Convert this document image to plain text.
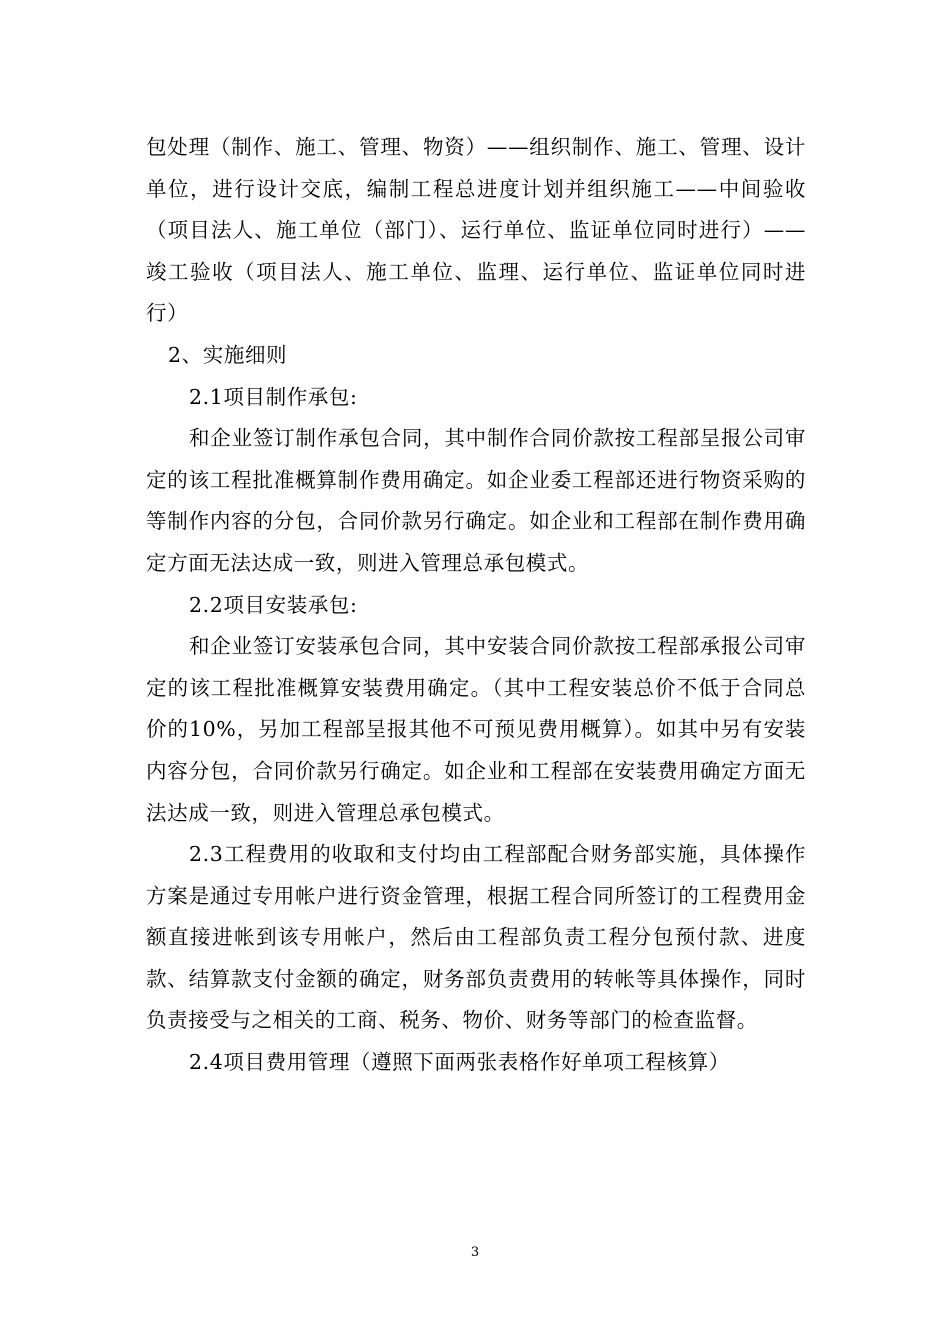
包处理（制作、施工、管理、物资）——组织制作、施工、管理、设计单位，进行设计交底，编制工程总进度计划并组织施工——中间验收（项目法人、施工单位（部门）、运行单位、监证单位同时进行）——竣工验收（项目法人、施工单位、监理、运行单位、监证单位同时进行）

2、实施细则

2.1项目制作承包:

和企业签订制作承包合同，其中制作合同价款按工程部呈报公司审定的该工程批准概算制作费用确定。如企业委工程部还进行物资采购的等制作内容的分包，合同价款另行确定。如企业和工程部在制作费用确定方面无法达成一致，则进入管理总承包模式。

2.2项目安装承包:

和企业签订安装承包合同，其中安装合同价款按工程部承报公司审定的该工程批准概算安装费用确定。（其中工程安装总价不低于合同总价的10%，另加工程部呈报其他不可预见费用概算）。如其中另有安装内容分包，合同价款另行确定。如企业和工程部在安装费用确定方面无法达成一致，则进入管理总承包模式。

2.3工程费用的收取和支付均由工程部配合财务部实施，具体操作方案是通过专用帐户进行资金管理，根据工程合同所签订的工程费用金额直接进帐到该专用帐户，然后由工程部负责工程分包预付款、进度款、结算款支付金额的确定，财务部负责费用的转帐等具体操作，同时负责接受与之相关的工商、税务、物价、财务等部门的检查监督。

2.4项目费用管理（遵照下面两张表格作好单项工程核算）

3
